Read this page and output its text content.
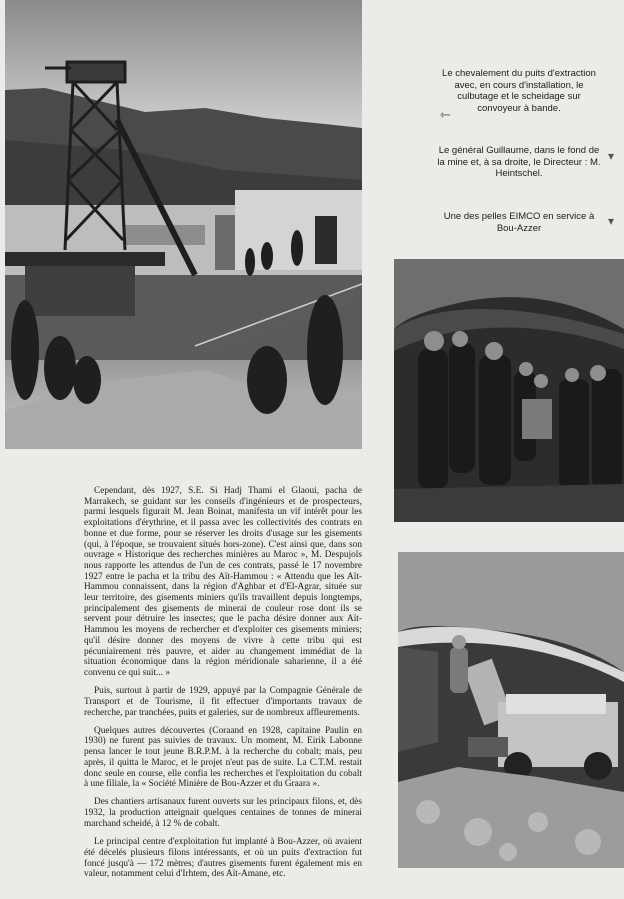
Le chevalement du puits d'extraction avec, en cours d'installation, le culbutage et le scheidage sur convoyeur à bande.
⇽
Le général Guillaume, dans le fond de la mine et, à sa droite, le Directeur : M. Heintschel.
▾
Une des pelles EIMCO en service à Bou-Azzer	▾

Cependant, dès 1927, S.E. Si Hadj Thami el Glaoui, pacha de Marrakech, se guidant sur les conseils d'ingénieurs et de prospecteurs, parmi lesquels figurait M. Jean Boinat, manifesta un vif intérêt pour les exploitations d'érythrine, et il passa avec les collectivités des contrats en bonne et due forme, pour se réserver les droits d'usage sur les gisements (qui, à l'époque, se trouvaient situés hors-zone). C'est ainsi que, dans son ouvrage « Historique des recherches minières au Maroc », M. Despujols nous rapporte les attendus de l'un de ces contrats, passé le 17 novembre 1927 entre le pacha et la tribu des Aït-Hammou : « Attendu que les Aït-Hammou connaissent, dans la région d'Aghbar et d'El-Agrar, située sur leur territoire, des gisements miniers qu'ils travaillent depuis longtemps, principalement des gisements de minerai de couleur rose dont ils se servent pour détruire les insectes; que le pacha désire donner aux Aït-Hammou les moyens de rechercher et d'exploiter ces gisements miniers; qu'il désire donner des moyens de vivre à cette tribu qui est pécuniairement très pauvre, et aider au changement immédiat de la situation économique dans la région méridionale saharienne, il a été convenu ce qui suit... »

Puis, surtout à partir de 1929, appuyé par la Compagnie Générale de Transport et de Tourisme, il fit effectuer d'importants travaux de recherche, par tranchées, puits et galeries, sur de nombreux affleurements.

Quelques autres découvertes (Coraand en 1928, capitaine Paulin en 1930) ne furent pas suivies de travaux. Un moment, M. Eirik Labonne pensa lancer le tout jeune B.R.P.M. à la recherche du cobalt; mais, peu après, il quitta le Maroc, et le projet n'eut pas de suite. La C.T.M. restait donc seule en course, elle confia les recherches et l'exploitation du cobalt à une filiale, la « Société Minière de Bou-Azzer et du Graara ».

Des chantiers artisanaux furent ouverts sur les principaux filons, et, dès 1932, la production atteignait quelques centaines de tonnes de minerai marchand scheidé, à 12 % de cobalt.

Le principal centre d'exploitation fut implanté à Bou-Azzer, où avaient été décelés plusieurs filons intéressants, et où un puits d'extraction fut foncé jusqu'à — 172 mètres; d'autres gisements furent également mis en valeur, notamment celui d'Irhtem, des Aït-Amane, etc.
